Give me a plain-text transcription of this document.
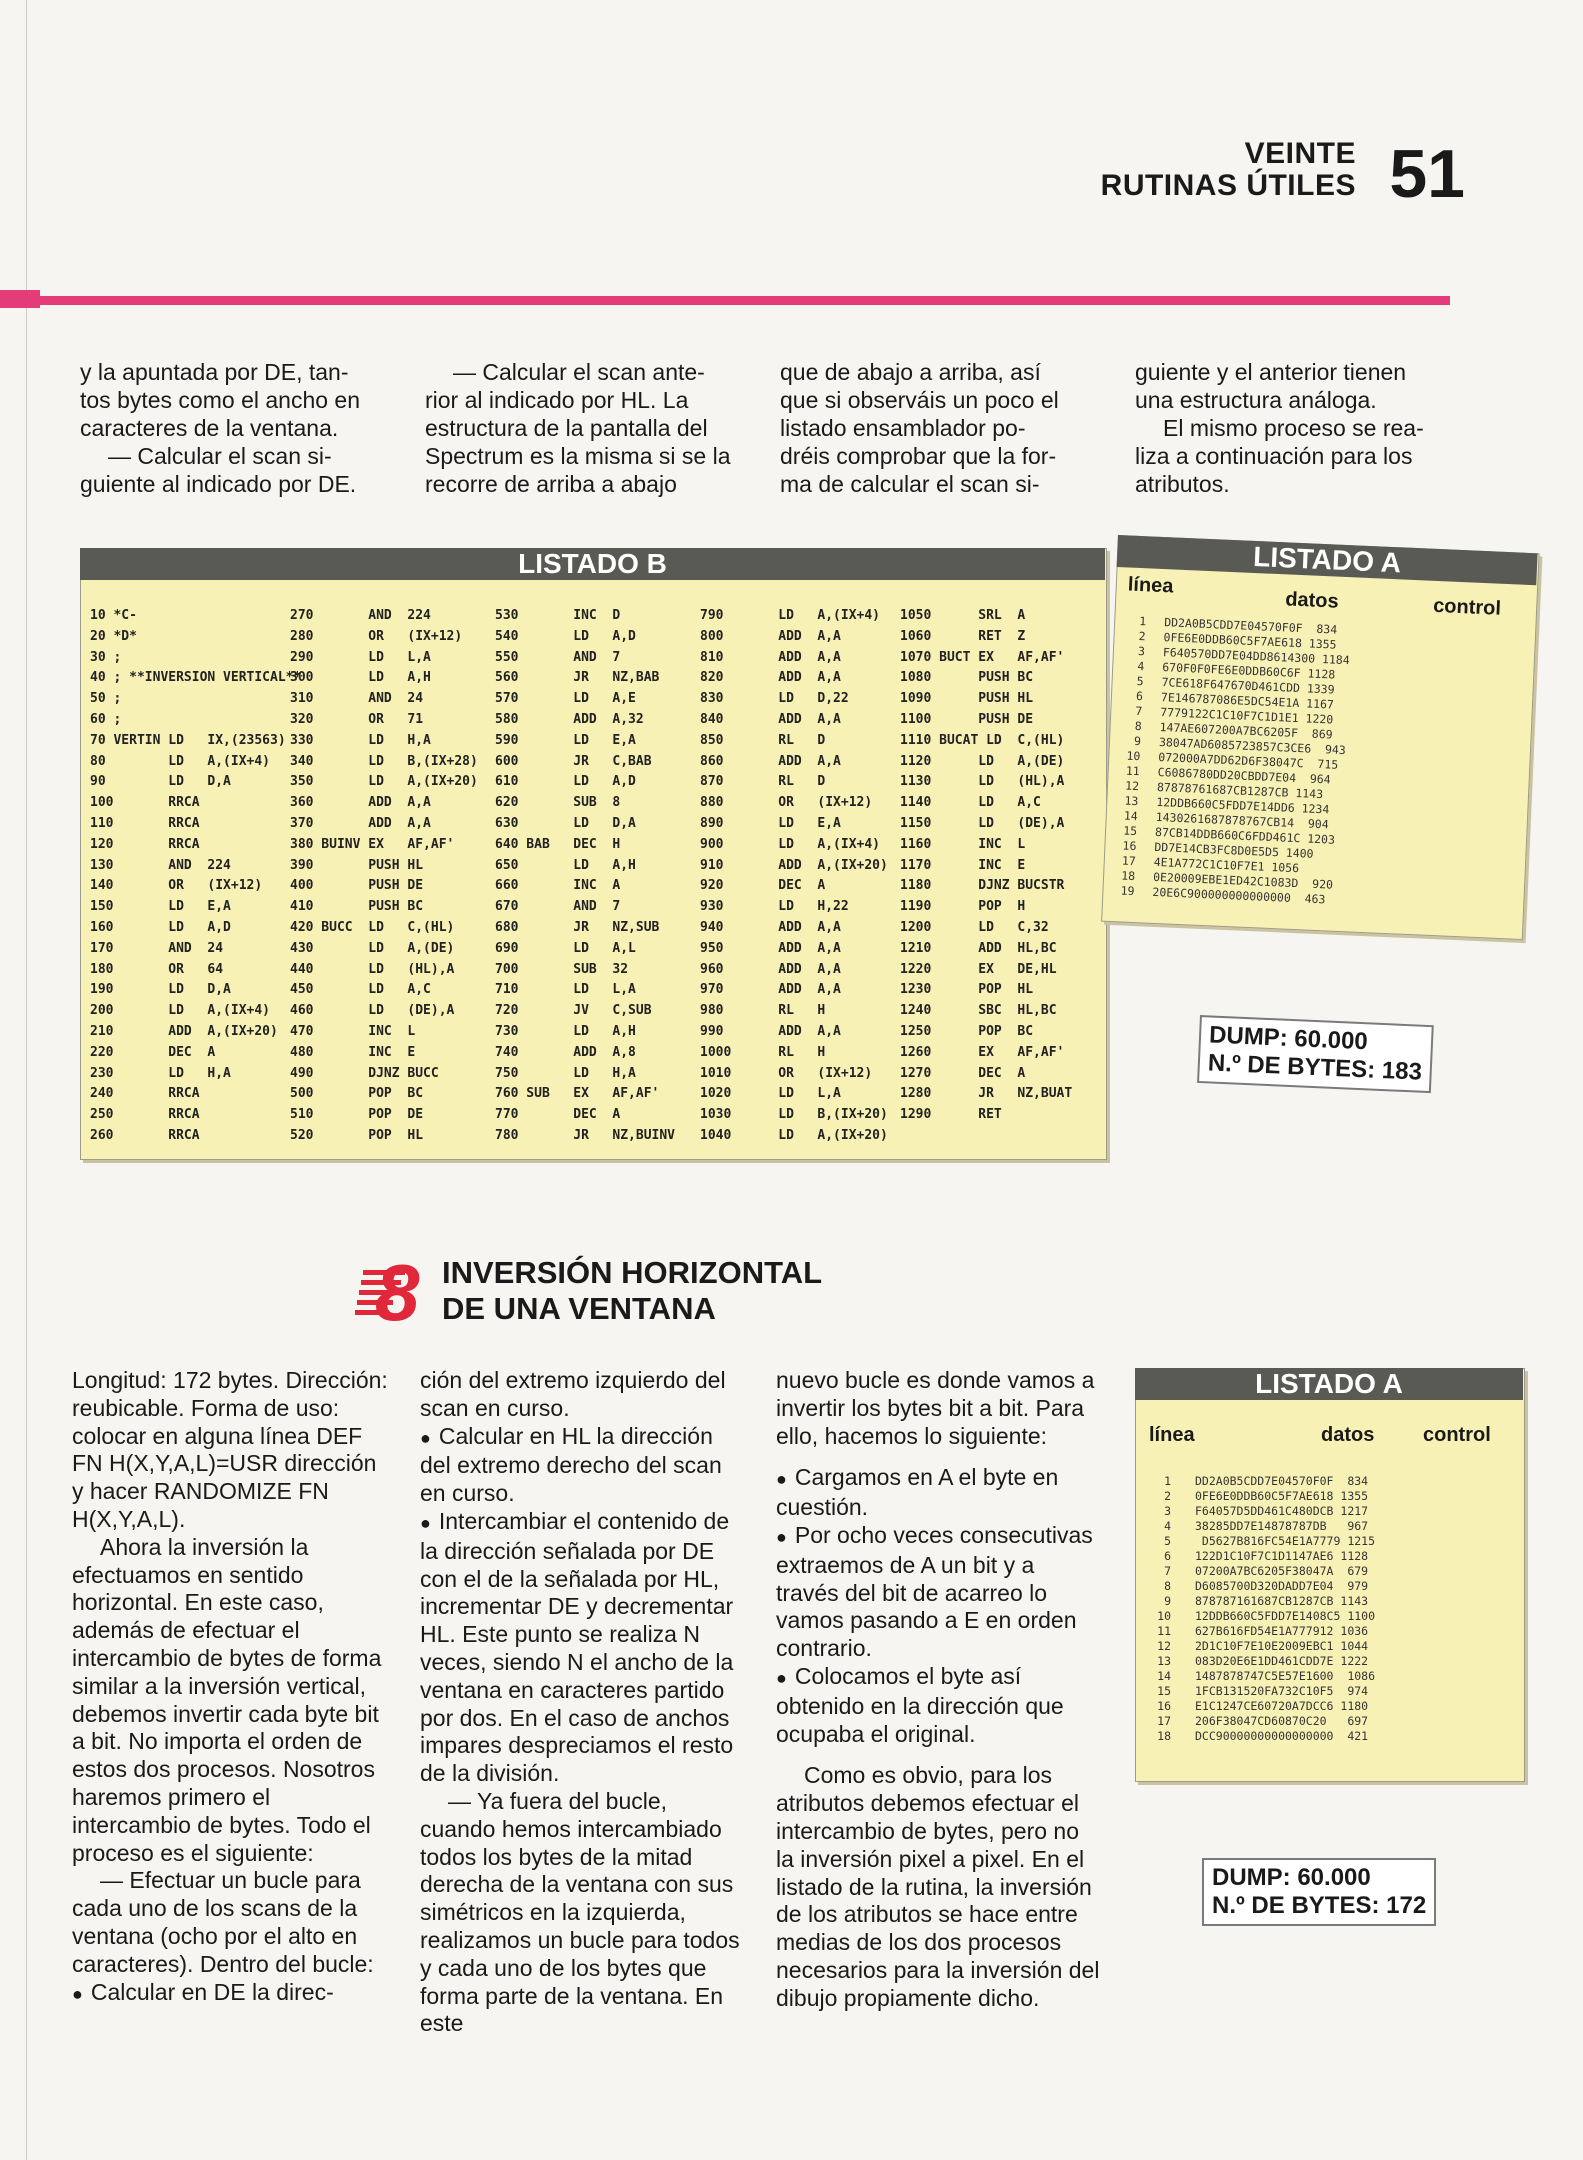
VEINTE
RUTINAS ÚTILES 51
y la apuntada por DE, tan-
tos bytes como el ancho en
caracteres de la ventana.
— Calcular el scan si-
guiente al indicado por DE.
— Calcular el scan ante-
rior al indicado por HL. La
estructura de la pantalla del
Spectrum es la misma si se la
recorre de arriba a abajo
que de abajo a arriba, así
que si observáis un poco el
listado ensamblador po-
dréis comprobar que la for-
ma de calcular el scan si-
guiente y el anterior tienen
una estructura análoga.
El mismo proceso se rea-
liza a continuación para los
atributos.
LISTADO B
10 *C-
20 *D*
30 ;
40 ; **INVERSION VERTICAL**
50 ;
60 ;
70 VERTIN LD   IX,(23563)
80        LD   A,(IX+4)
90        LD   D,A
100       RRCA
110       RRCA
120       RRCA
130       AND  224
140       OR   (IX+12)
150       LD   E,A
160       LD   A,D
170       AND  24
180       OR   64
190       LD   D,A
200       LD   A,(IX+4)
210       ADD  A,(IX+20)
220       DEC  A
230       LD   H,A
240       RRCA
250       RRCA
260       RRCA
270       AND  224
280       OR   (IX+12)
290       LD   L,A
300       LD   A,H
310       AND  24
320       OR   71
330       LD   H,A
340       LD   B,(IX+28)
350       LD   A,(IX+20)
360       ADD  A,A
370       ADD  A,A
380 BUINV EX   AF,AF'
390       PUSH HL
400       PUSH DE
410       PUSH BC
420 BUCC  LD   C,(HL)
430       LD   A,(DE)
440       LD   (HL),A
450       LD   A,C
460       LD   (DE),A
470       INC  L
480       INC  E
490       DJNZ BUCC
500       POP  BC
510       POP  DE
520       POP  HL
530       INC  D
540       LD   A,D
550       AND  7
560       JR   NZ,BAB
570       LD   A,E
580       ADD  A,32
590       LD   E,A
600       JR   C,BAB
610       LD   A,D
620       SUB  8
630       LD   D,A
640 BAB   DEC  H
650       LD   A,H
660       INC  A
670       AND  7
680       JR   NZ,SUB
690       LD   A,L
700       SUB  32
710       LD   L,A
720       JV   C,SUB
730       LD   A,H
740       ADD  A,8
750       LD   H,A
760 SUB   EX   AF,AF'
770       DEC  A
780       JR   NZ,BUINV
790       LD   A,(IX+4)
800       ADD  A,A
810       ADD  A,A
820       ADD  A,A
830       LD   D,22
840       ADD  A,A
850       RL   D
860       ADD  A,A
870       RL   D
880       OR   (IX+12)
890       LD   E,A
900       LD   A,(IX+4)
910       ADD  A,(IX+20)
920       DEC  A
930       LD   H,22
940       ADD  A,A
950       ADD  A,A
960       ADD  A,A
970       ADD  A,A
980       RL   H
990       ADD  A,A
1000      RL   H
1010      OR   (IX+12)
1020      LD   L,A
1030      LD   B,(IX+20)
1040      LD   A,(IX+20)
1050      SRL  A
1060      RET  Z
1070 BUCT EX   AF,AF'
1080      PUSH BC
1090      PUSH HL
1100      PUSH DE
1110 BUCAT LD  C,(HL)
1120      LD   A,(DE)
1130      LD   (HL),A
1140      LD   A,C
1150      LD   (DE),A
1160      INC  L
1170      INC  E
1180      DJNZ BUCSTR
1190      POP  H
1200      LD   C,32
1210      ADD  HL,BC
1220      EX   DE,HL
1230      POP  HL
1240      SBC  HL,BC
1250      POP  BC
1260      EX   AF,AF'
1270      DEC  A
1280      JR   NZ,BUAT
1290      RET
LISTADO A
línea
datos	control
1
2
3
4
5
6
7
8
9
10
11
12
13
14
15
16
17
18
19
DD2A0B5CDD7E04570F0F  834
0FE6E0DDB60C5F7AE618 1355
F640570DD7E04DD8614300 1184
670F0F0FE6E0DDB60C6F 1128
7CE618F647670D461CDD 1339
7E146787086E5DC54E1A 1167
7779122C1C10F7C1D1E1 1220
147AE607200A7BC6205F  869
38047AD6085723857C3CE6  943
072000A7DD62D6F38047C  715
C6086780DD20CBDD7E04  964
87878761687CB1287CB 1143
12DDB660C5FDD7E14DD6 1234
1430261687878767CB14  904
87CB14DDB660C6FDD461C 1203
DD7E14CB3FC8D0E5D5 1400
4E1A772C1C10F7E1 1056
0E20009EBE1ED42C1083D  920
20E6C900000000000000  463
DUMP: 60.000
N.º DE BYTES: 183
8 INVERSIÓN HORIZONTAL
DE UNA VENTANA

Longitud: 172 bytes. Dirección: reubicable. Forma de uso: colocar en alguna línea DEF FN H(X,Y,A,L)=USR dirección y hacer RANDOMIZE FN H(X,Y,A,L).

Ahora la inversión la efectuamos en sentido horizontal. En este caso, además de efectuar el intercambio de bytes de forma similar a la inversión vertical, debemos invertir cada byte bit a bit. No importa el orden de estos dos procesos. Nosotros haremos primero el intercambio de bytes. Todo el proceso es el siguiente:

— Efectuar un bucle para cada uno de los scans de la ventana (ocho por el alto en caracteres). Dentro del bucle:

● Calcular en DE la direc-

ción del extremo izquierdo del scan en curso.

● Calcular en HL la dirección del extremo derecho del scan en curso.

● Intercambiar el contenido de la dirección señalada por DE con el de la señalada por HL, incrementar DE y decrementar HL. Este punto se realiza N veces, siendo N el ancho de la ventana en caracteres partido por dos. En el caso de anchos impares despreciamos el resto de la división.

— Ya fuera del bucle, cuando hemos intercambiado todos los bytes de la mitad derecha de la ventana con sus simétricos en la izquierda, realizamos un bucle para todos y cada uno de los bytes que forma parte de la ventana. En este

nuevo bucle es donde vamos a invertir los bytes bit a bit. Para ello, hacemos lo siguiente:

● Cargamos en A el byte en cuestión.

● Por ocho veces consecutivas extraemos de A un bit y a través del bit de acarreo lo vamos pasando a E en orden contrario.

● Colocamos el byte así obtenido en la dirección que ocupaba el original.

Como es obvio, para los atributos debemos efectuar el intercambio de bytes, pero no la inversión pixel a pixel. En el listado de la rutina, la inversión de los atributos se hace entre medias de los dos procesos necesarios para la inversión del dibujo propiamente dicho.

LISTADO A
línea	datos control
1
2
3
4
5
6
7
8
9
10
11
12
13
14
15
16
17
18
DD2A0B5CDD7E04570F0F  834
0FE6E0DDB60C5F7AE618 1355
F64057D5DD461C480DCB 1217
38285DD7E14878787DB   967
D5627B816FC54E1A7779 1215
122D1C10F7C1D1147AE6 1128
07200A7BC6205F38047A  679
D6085700D320DADD7E04  979
878787161687CB1287CB 1143
12DDB660C5FDD7E1408C5 1100
627B616FD54E1A777912 1036
2D1C10F7E10E2009EBC1 1044
083D20E6E1DD461CDD7E 1222
1487878747C5E57E1600  1086
1FCB131520FA732C10F5  974
E1C1247CE60720A7DCC6 1180
206F38047CD60870C20   697
DCC90000000000000000  421
DUMP: 60.000
N.º DE BYTES: 172
